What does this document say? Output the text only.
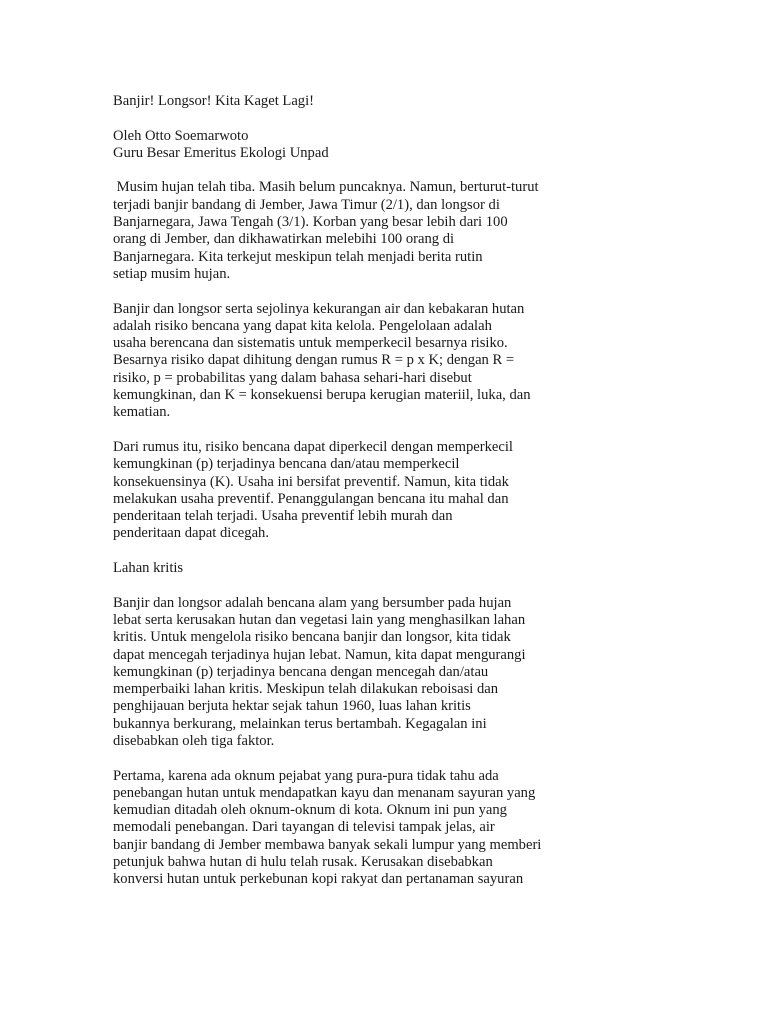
Banjir! Longsor! Kita Kaget Lagi!
Oleh Otto Soemarwoto
Guru Besar Emeritus Ekologi Unpad
Musim hujan telah tiba. Masih belum puncaknya. Namun, berturut-turut
terjadi banjir bandang di Jember, Jawa Timur (2/1), dan longsor di
Banjarnegara, Jawa Tengah (3/1). Korban yang besar lebih dari 100
orang di Jember, dan dikhawatirkan melebihi 100 orang di
Banjarnegara. Kita terkejut meskipun telah menjadi berita rutin
setiap musim hujan.
Banjir dan longsor serta sejolinya kekurangan air dan kebakaran hutan
adalah risiko bencana yang dapat kita kelola. Pengelolaan adalah
usaha berencana dan sistematis untuk memperkecil besarnya risiko.
Besarnya risiko dapat dihitung dengan rumus R = p x K; dengan R =
risiko, p = probabilitas yang dalam bahasa sehari-hari disebut
kemungkinan, dan K = konsekuensi berupa kerugian materiil, luka, dan
kematian.
Dari rumus itu, risiko bencana dapat diperkecil dengan memperkecil
kemungkinan (p) terjadinya bencana dan/atau memperkecil
konsekuensinya (K). Usaha ini bersifat preventif. Namun, kita tidak
melakukan usaha preventif. Penanggulangan bencana itu mahal dan
penderitaan telah terjadi. Usaha preventif lebih murah dan
penderitaan dapat dicegah.
Lahan kritis
Banjir dan longsor adalah bencana alam yang bersumber pada hujan
lebat serta kerusakan hutan dan vegetasi lain yang menghasilkan lahan
kritis. Untuk mengelola risiko bencana banjir dan longsor, kita tidak
dapat mencegah terjadinya hujan lebat. Namun, kita dapat mengurangi
kemungkinan (p) terjadinya bencana dengan mencegah dan/atau
memperbaiki lahan kritis. Meskipun telah dilakukan reboisasi dan
penghijauan berjuta hektar sejak tahun 1960, luas lahan kritis
bukannya berkurang, melainkan terus bertambah. Kegagalan ini
disebabkan oleh tiga faktor.
Pertama, karena ada oknum pejabat yang pura-pura tidak tahu ada
penebangan hutan untuk mendapatkan kayu dan menanam sayuran yang
kemudian ditadah oleh oknum-oknum di kota. Oknum ini pun yang
memodali penebangan. Dari tayangan di televisi tampak jelas, air
banjir bandang di Jember membawa banyak sekali lumpur yang memberi
petunjuk bahwa hutan di hulu telah rusak. Kerusakan disebabkan
konversi hutan untuk perkebunan kopi rakyat dan pertanaman sayuran
